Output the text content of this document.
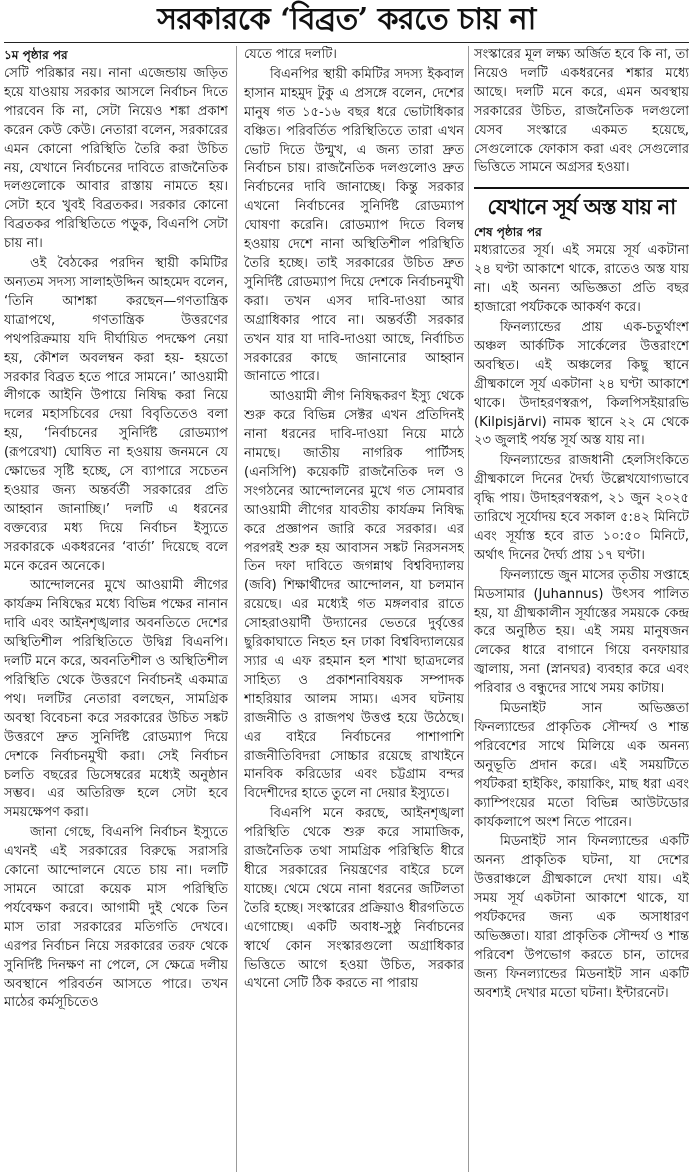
সরকারকে ‘বিব্রত’ করতে চায় না
১ম পৃষ্ঠার পর

সেটি পরিষ্কার নয়। নানা এজেন্ডায় জড়িত হয়ে যাওয়ায় সরকার আসলে নির্বাচন দিতে পারবেন কি না, সেটা নিয়েও শঙ্কা প্রকাশ করেন কেউ কেউ। নেতারা বলেন, সরকারের এমন কোনো পরিস্থিতি তৈরি করা উচিত নয়, যেখানে নির্বাচনের দাবিতে রাজনৈতিক দলগুলোকে আবার রাস্তায় নামতে হয়। সেটা হবে খুবই বিব্রতকর। সরকার কোনো বিব্রতকর পরিস্থিতিতে পড়ুক, বিএনপি সেটা চায় না।

ওই বৈঠকের পরদিন স্থায়ী কমিটির অন্যতম সদস্য সালাহউদ্দিন আহমেদ বলেন, ‘তিনি আশঙ্কা করছেন—গণতান্ত্রিক যাত্রাপথে, গণতান্ত্রিক উত্তরণের পথপরিক্রমায় যদি দীর্ঘায়িত পদক্ষেপ নেয়া হয়, কৌশল অবলম্বন করা হয়- হয়তো সরকার বিব্রত হতে পারে সামনে।’ আওয়ামী লীগকে আইনি উপায়ে নিষিদ্ধ করা নিয়ে দলের মহাসচিবের দেয়া বিবৃতিতেও বলা হয়, ‘নির্বাচনের সুনির্দিষ্ট রোডম্যাপ (রূপরেখা) ঘোষিত না হওয়ায় জনমনে যে ক্ষোভের সৃষ্টি হচ্ছে, সে ব্যাপারে সচেতন হওয়ার জন্য অন্তর্বর্তী সরকারের প্রতি আহ্বান জানাচ্ছি।’ দলটি এ ধরনের বক্তব্যের মধ্য দিয়ে নির্বাচন ইস্যুতে সরকারকে একধরনের ‘বার্তা’ দিয়েছে বলে মনে করেন অনেকে।

আন্দোলনের মুখে আওয়ামী লীগের কার্যক্রম নিষিদ্ধের মধ্যে বিভিন্ন পক্ষের নানান দাবি এবং আইনশৃঙ্খলার অবনতিতে দেশের অস্থিতিশীল পরিস্থিতিতে উদ্বিগ্ন বিএনপি। দলটি মনে করে, অবনতিশীল ও অস্থিতিশীল পরিস্থিতি থেকে উত্তরণে নির্বাচনই একমাত্র পথ। দলটির নেতারা বলছেন, সামগ্রিক অবস্থা বিবেচনা করে সরকারের উচিত সঙ্কট উত্তরণে দ্রুত সুনির্দিষ্ট রোডম্যাপ দিয়ে দেশকে নির্বাচনমুখী করা। সেই নির্বাচন চলতি বছরের ডিসেম্বরের মধ্যেই অনুষ্ঠান সম্ভব। এর অতিরিক্ত হলে সেটা হবে সময়ক্ষেপণ করা।

জানা গেছে, বিএনপি নির্বাচন ইস্যুতে এখনই এই সরকারের বিরুদ্ধে সরাসরি কোনো আন্দোলনে যেতে চায় না। দলটি সামনে আরো কয়েক মাস পরিস্থিতি পর্যবেক্ষণ করবে। আগামী দুই থেকে তিন মাস তারা সরকারের মতিগতি দেখবে। এরপর নির্বাচন নিয়ে সরকারের তরফ থেকে সুনির্দিষ্ট দিনক্ষণ না পেলে, সে ক্ষেত্রে দলীয় অবস্থানে পরিবর্তন আসতে পারে। তখন মাঠের কর্মসূচিতেও

যেতে পারে দলটি।

বিএনপির স্থায়ী কমিটির সদস্য ইকবাল হাসান মাহমুদ টুকু এ প্রসঙ্গে বলেন, দেশের মানুষ গত ১৫-১৬ বছর ধরে ভোটাধিকার বঞ্চিত। পরিবর্তিত পরিস্থিতিতে তারা এখন ভোট দিতে উন্মুখ, এ জন্য তারা দ্রুত নির্বাচন চায়। রাজনৈতিক দলগুলোও দ্রুত নির্বাচনের দাবি জানাচ্ছে। কিন্তু সরকার এখনো নির্বাচনের সুনির্দিষ্ট রোডম্যাপ ঘোষণা করেনি। রোডম্যাপ দিতে বিলম্ব হওয়ায় দেশে নানা অস্থিতিশীল পরিস্থিতি তৈরি হচ্ছে। তাই সরকারের উচিত দ্রুত সুনির্দিষ্ট রোডম্যাপ দিয়ে দেশকে নির্বাচনমুখী করা। তখন এসব দাবি-দাওয়া আর অগ্রাধিকার পাবে না। অন্তর্বর্তী সরকার তখন যার যা দাবি-দাওয়া আছে, নির্বাচিত সরকারের কাছে জানানোর আহ্বান জানাতে পারে।

আওয়ামী লীগ নিষিদ্ধকরণ ইস্যু থেকে শুরু করে বিভিন্ন সেক্টর এখন প্রতিদিনই নানা ধরনের দাবি-দাওয়া নিয়ে মাঠে নামছে। জাতীয় নাগরিক পার্টিসহ (এনসিপি) কয়েকটি রাজনৈতিক দল ও সংগঠনের আন্দোলনের মুখে গত সোমবার আওয়ামী লীগের যাবতীয় কার্যক্রম নিষিদ্ধ করে প্রজ্ঞাপন জারি করে সরকার। এর পরপরই শুরু হয় আবাসন সঙ্কট নিরসনসহ তিন দফা দাবিতে জগন্নাথ বিশ্ববিদ্যালয় (জবি) শিক্ষার্থীদের আন্দোলন, যা চলমান রয়েছে। এর মধ্যেই গত মঙ্গলবার রাতে সোহরাওয়ার্দী উদ্যানের ভেতরে দুর্বৃত্তের ছুরিকাঘাতে নিহত হন ঢাকা বিশ্ববিদ্যালয়ের স্যার এ এফ রহমান হল শাখা ছাত্রদলের সাহিত্য ও প্রকাশনাবিষয়ক সম্পাদক শাহরিয়ার আলম সাম্য। এসব ঘটনায় রাজনীতি ও রাজপথ উত্তপ্ত হয়ে উঠেছে। এর বাইরে নির্বাচনের পাশাপাশি রাজনীতিবিদরা সোচ্চার রয়েছে রাখাইনে মানবিক করিডোর এবং চট্টগ্রাম বন্দর বিদেশীদের হাতে তুলে না দেয়ার ইস্যুতে।

বিএনপি মনে করছে, আইনশৃঙ্খলা পরিস্থিতি থেকে শুরু করে সামাজিক, রাজনৈতিক তথা সামগ্রিক পরিস্থিতি ধীরে ধীরে সরকারের নিয়ন্ত্রণের বাইরে চলে যাচ্ছে। থেমে থেমে নানা ধরনের জটিলতা তৈরি হচ্ছে। সংস্কারের প্রক্রিয়াও ধীরগতিতে এগোচ্ছে। একটি অবাধ-সুষ্ঠু নির্বাচনের স্বার্থে কোন সংস্কারগুলো অগ্রাধিকার ভিত্তিতে আগে হওয়া উচিত, সরকার এখনো সেটি ঠিক করতে না পারায়

সংস্কারের মূল লক্ষ্য অর্জিত হবে কি না, তা নিয়েও দলটি একধরনের শঙ্কার মধ্যে আছে। দলটি মনে করে, এমন অবস্থায় সরকারের উচিত, রাজনৈতিক দলগুলো যেসব সংস্কারে একমত হয়েছে, সেগুলোকে ফোকাস করা এবং সেগুলোর ভিত্তিতে সামনে অগ্রসর হওয়া।

যেখানে সূর্য অস্ত যায় না
শেষ পৃষ্ঠার পর

মধ্যরাতের সূর্য। এই সময়ে সূর্য একটানা ২৪ ঘণ্টা আকাশে থাকে, রাতেও অস্ত যায় না। এই অনন্য অভিজ্ঞতা প্রতি বছর হাজারো পর্যটককে আকর্ষণ করে।

ফিনল্যান্ডের প্রায় এক-চতুর্থাংশ অঞ্চল আর্কটিক সার্কেলের উত্তরাংশে অবস্থিত। এই অঞ্চলের কিছু স্থানে গ্রীষ্মকালে সূর্য একটানা ২৪ ঘণ্টা আকাশে থাকে। উদাহরণস্বরূপ, কিলপিসইয়ারভি (Kilpisjärvi) নামক স্থানে ২২ মে থেকে ২৩ জুলাই পর্যন্ত সূর্য অস্ত যায় না।

ফিনল্যান্ডের রাজধানী হেলসিংকিতে গ্রীষ্মকালে দিনের দৈর্ঘ্য উল্লেখযোগ্যভাবে বৃদ্ধি পায়। উদাহরণস্বরূপ, ২১ জুন ২০২৫ তারিখে সূর্যোদয় হবে সকাল ৫:৪২ মিনিটে এবং সূর্যাস্ত হবে রাত ১০:৫০ মিনিটে, অর্থাৎ দিনের দৈর্ঘ্য প্রায় ১৭ ঘণ্টা।

ফিনল্যান্ডে জুন মাসের তৃতীয় সপ্তাহে মিডসামার (Juhannus) উৎসব পালিত হয়, যা গ্রীষ্মকালীন সূর্যাস্তের সময়কে কেন্দ্র করে অনুষ্ঠিত হয়। এই সময় মানুষজন লেকের ধারে বাগানে গিয়ে বনফায়ার জ্বালায়, সনা (স্নানঘর) ব্যবহার করে এবং পরিবার ও বন্ধুদের সাথে সময় কাটায়।

মিডনাইট সান অভিজ্ঞতা ফিনল্যান্ডের প্রাকৃতিক সৌন্দর্য ও শান্ত পরিবেশের সাথে মিলিয়ে এক অনন্য অনুভূতি প্রদান করে। এই সময়টিতে পর্যটকরা হাইকিং, কায়াকিং, মাছ ধরা এবং ক্যাম্পিংয়ের মতো বিভিন্ন আউটডোর কার্যকলাপে অংশ নিতে পারেন।

মিডনাইট সান ফিনল্যান্ডের একটি অনন্য প্রাকৃতিক ঘটনা, যা দেশের উত্তরাঞ্চলে গ্রীষ্মকালে দেখা যায়। এই সময় সূর্য একটানা আকাশে থাকে, যা পর্যটকদের জন্য এক অসাধারণ অভিজ্ঞতা। যারা প্রাকৃতিক সৌন্দর্য ও শান্ত পরিবেশ উপভোগ করতে চান, তাদের জন্য ফিনল্যান্ডের মিডনাইট সান একটি অবশ্যই দেখার মতো ঘটনা। ইন্টারনেট।
